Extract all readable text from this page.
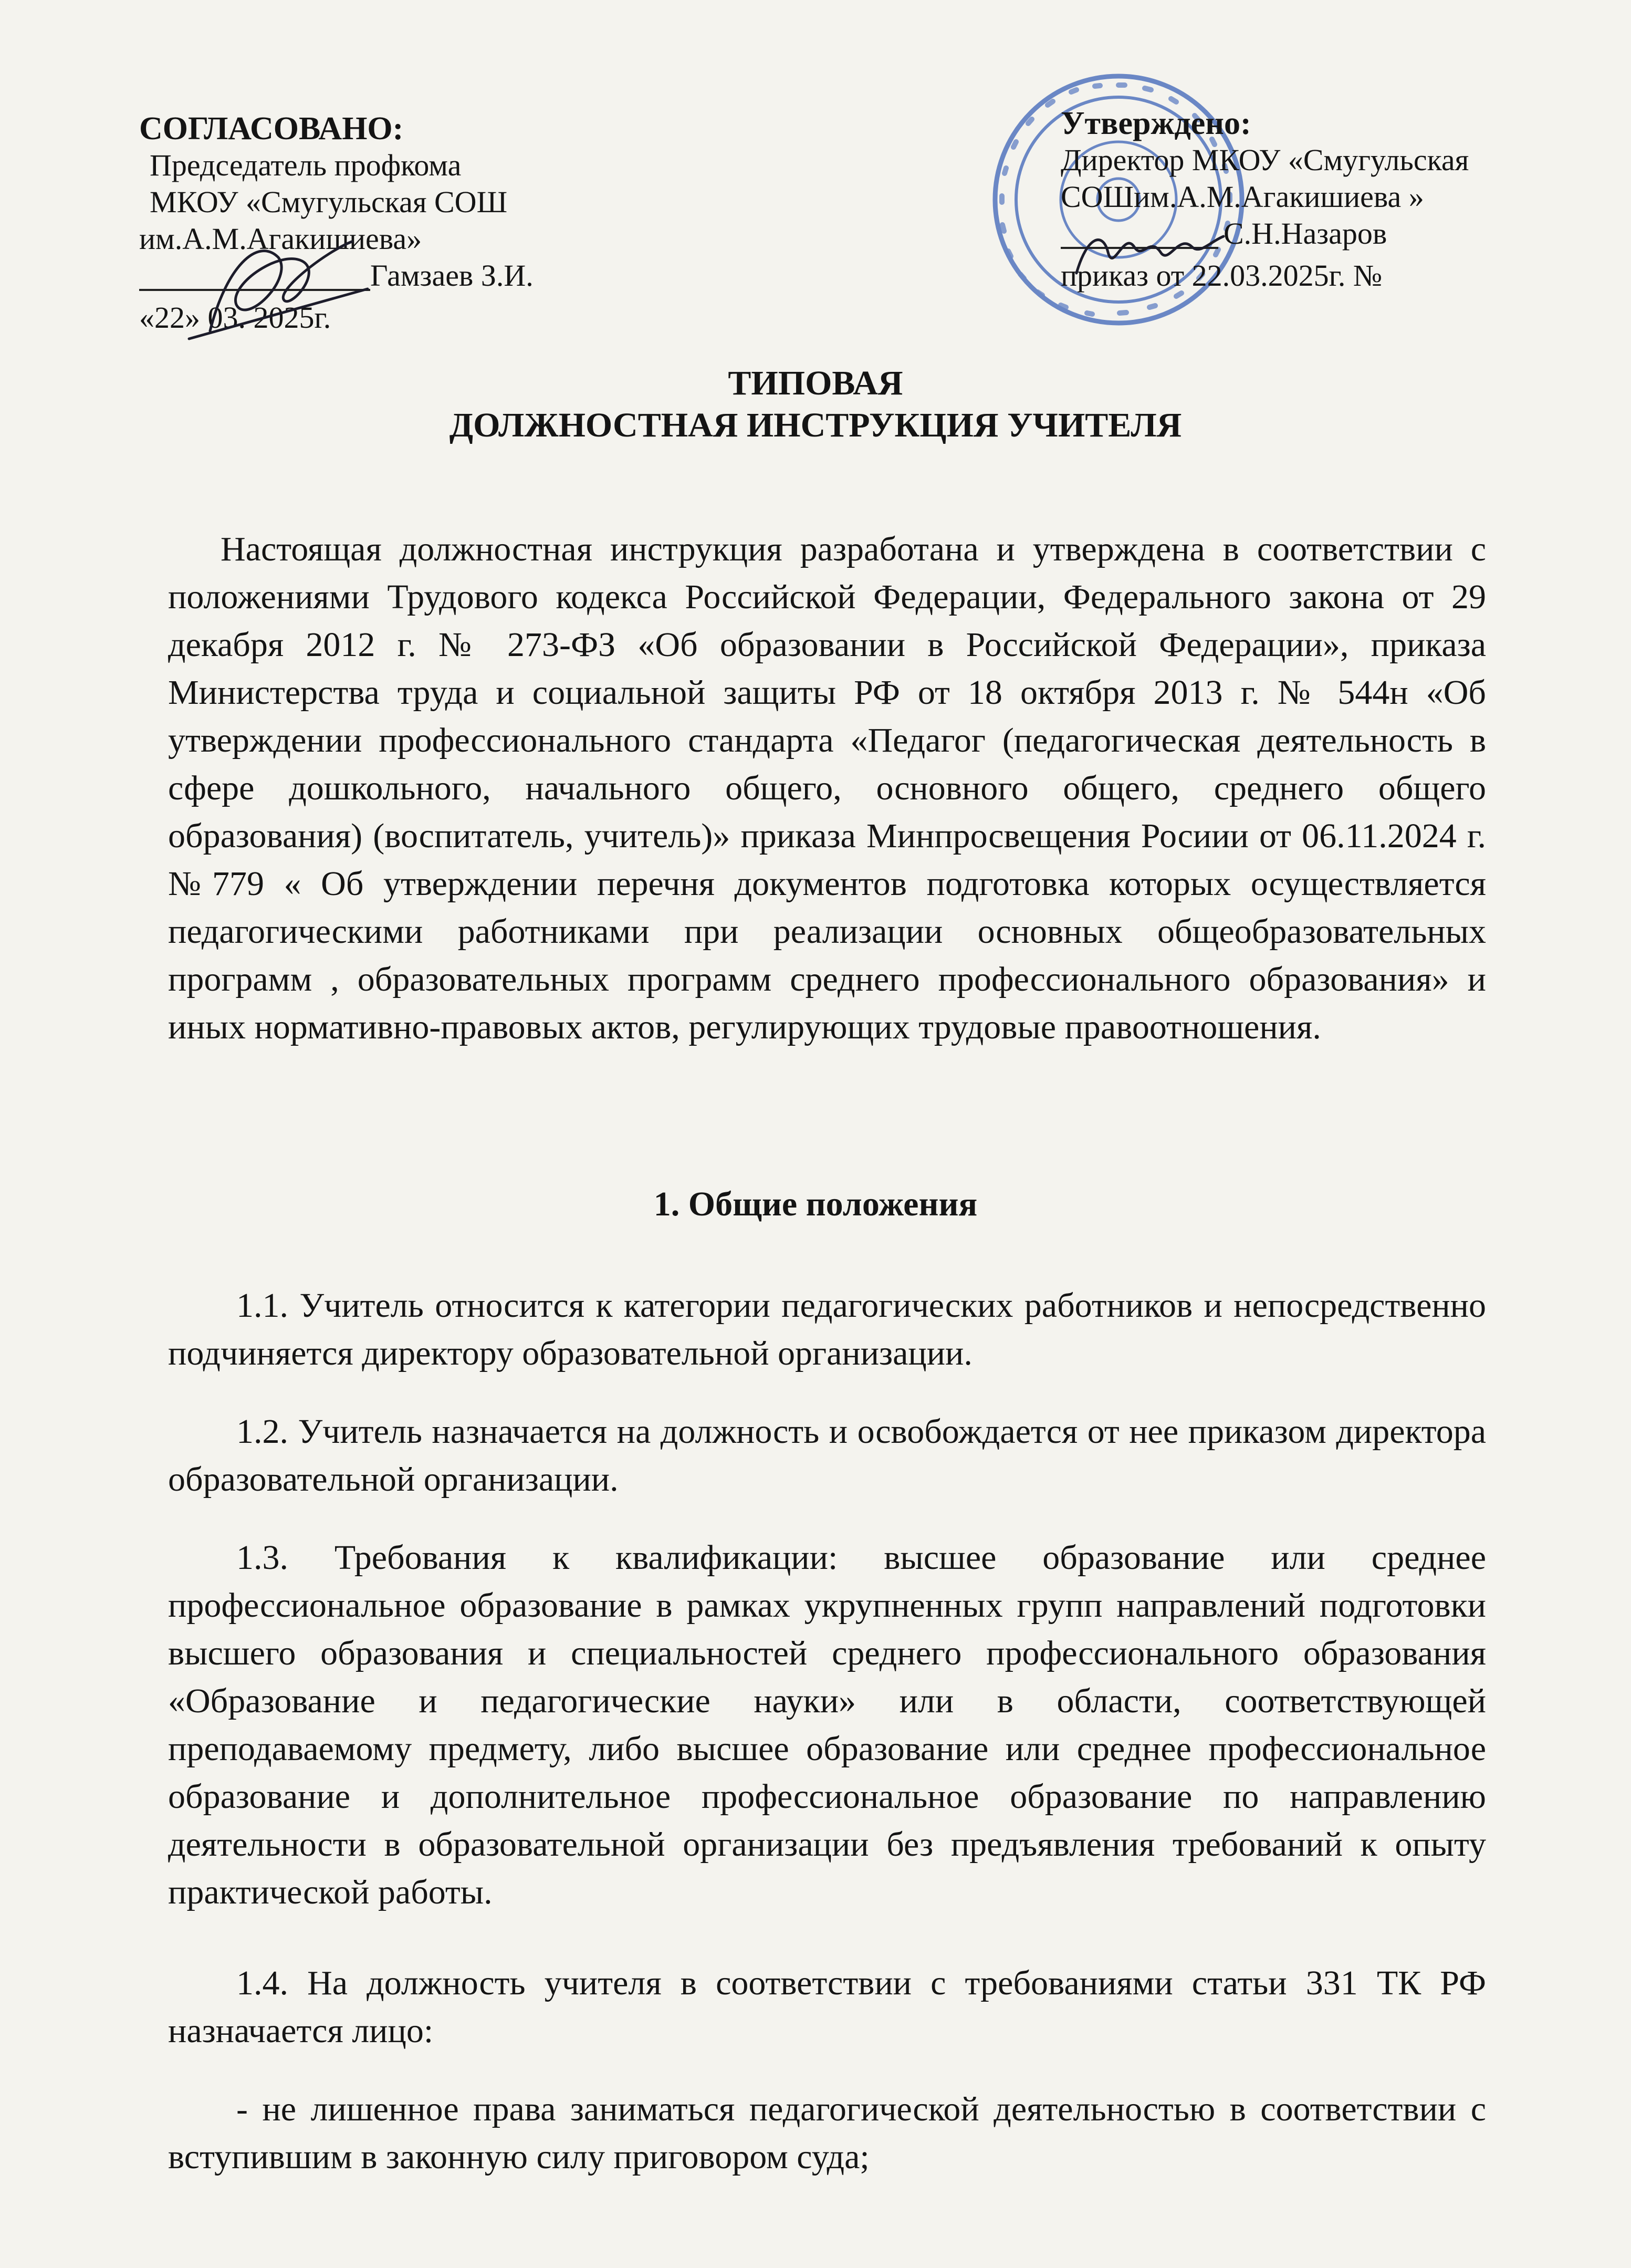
СОГЛАСОВАНО:
Председатель профкома
МКОУ «Смугульская СОШ
им.А.М.Агакишиева»
Гамзаев З.И.
«22» 03. 2025г.
Утверждено:
Директор МКОУ «Смугульская
СОШим.А.М.Агакишиева »
С.Н.Назаров
приказ от 22.03.2025г. №
ТИПОВАЯ
ДОЛЖНОСТНАЯ ИНСТРУКЦИЯ УЧИТЕЛЯ
Настоящая должностная инструкция разработана и утверждена в соответствии с положениями Трудового кодекса Российской Федерации, Федерального закона от 29 декабря 2012 г. № 273-ФЗ «Об образовании в Российской Федерации», приказа Министерства труда и социальной защиты РФ от 18 октября 2013 г. № 544н «Об утверждении профессионального стандарта «Педагог (педагогическая деятельность в сфере дошкольного, начального общего, основного общего, среднего общего образования) (воспитатель, учитель)» приказа Минпросвещения Росиии от 06.11.2024 г.№779 « Об утверждении перечня документов подготовка которых осуществляется педагогическими работниками при реализации основных общеобразовательных программ , образовательных программ среднего профессионального образования» и иных нормативно-правовых актов, регулирующих трудовые правоотношения.
1. Общие положения
1.1. Учитель относится к категории педагогических работников и непосредственно подчиняется директору образовательной организации.
1.2. Учитель назначается на должность и освобождается от нее приказом директора образовательной организации.
1.3. Требования к квалификации: высшее образование или среднее профессиональное образование в рамках укрупненных групп направлений подготовки высшего образования и специальностей среднего профессионального образования «Образование и педагогические науки» или в области, соответствующей преподаваемому предмету, либо высшее образование или среднее профессиональное образование и дополнительное профессиональное образование по направлению деятельности в образовательной организации без предъявления требований к опыту практической работы.
1.4. На должность учителя в соответствии с требованиями статьи 331 ТК РФ назначается лицо:
- не лишенное права заниматься педагогической деятельностью в соответствии с вступившим в законную силу приговором суда;
